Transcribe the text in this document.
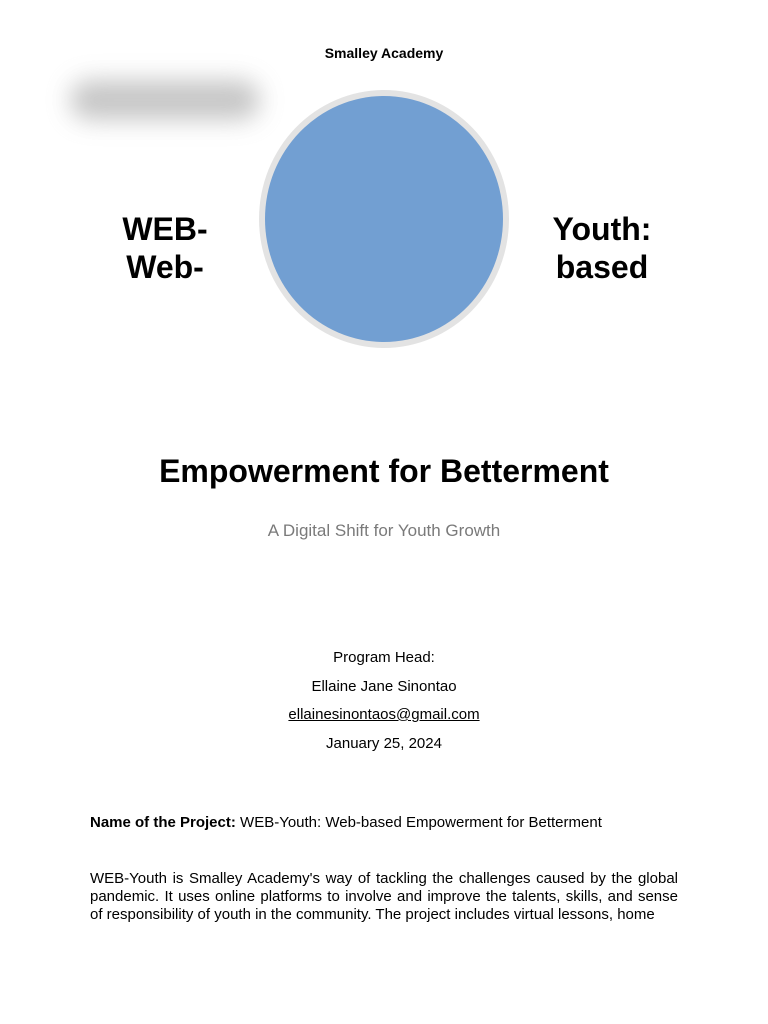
Smalley Academy
WEB-
Web-
Youth:
based
Empowerment for Betterment
A Digital Shift for Youth Growth
Program Head:
Ellaine Jane Sinontao
ellainesinontaos@gmail.com
January 25, 2024
Name of the Project: WEB-Youth: Web-based Empowerment for Betterment
WEB-Youth is Smalley Academy's way of tackling the challenges caused by the global pandemic. It uses online platforms to involve and improve the talents, skills, and sense of responsibility of youth in the community. The project includes virtual lessons, home
